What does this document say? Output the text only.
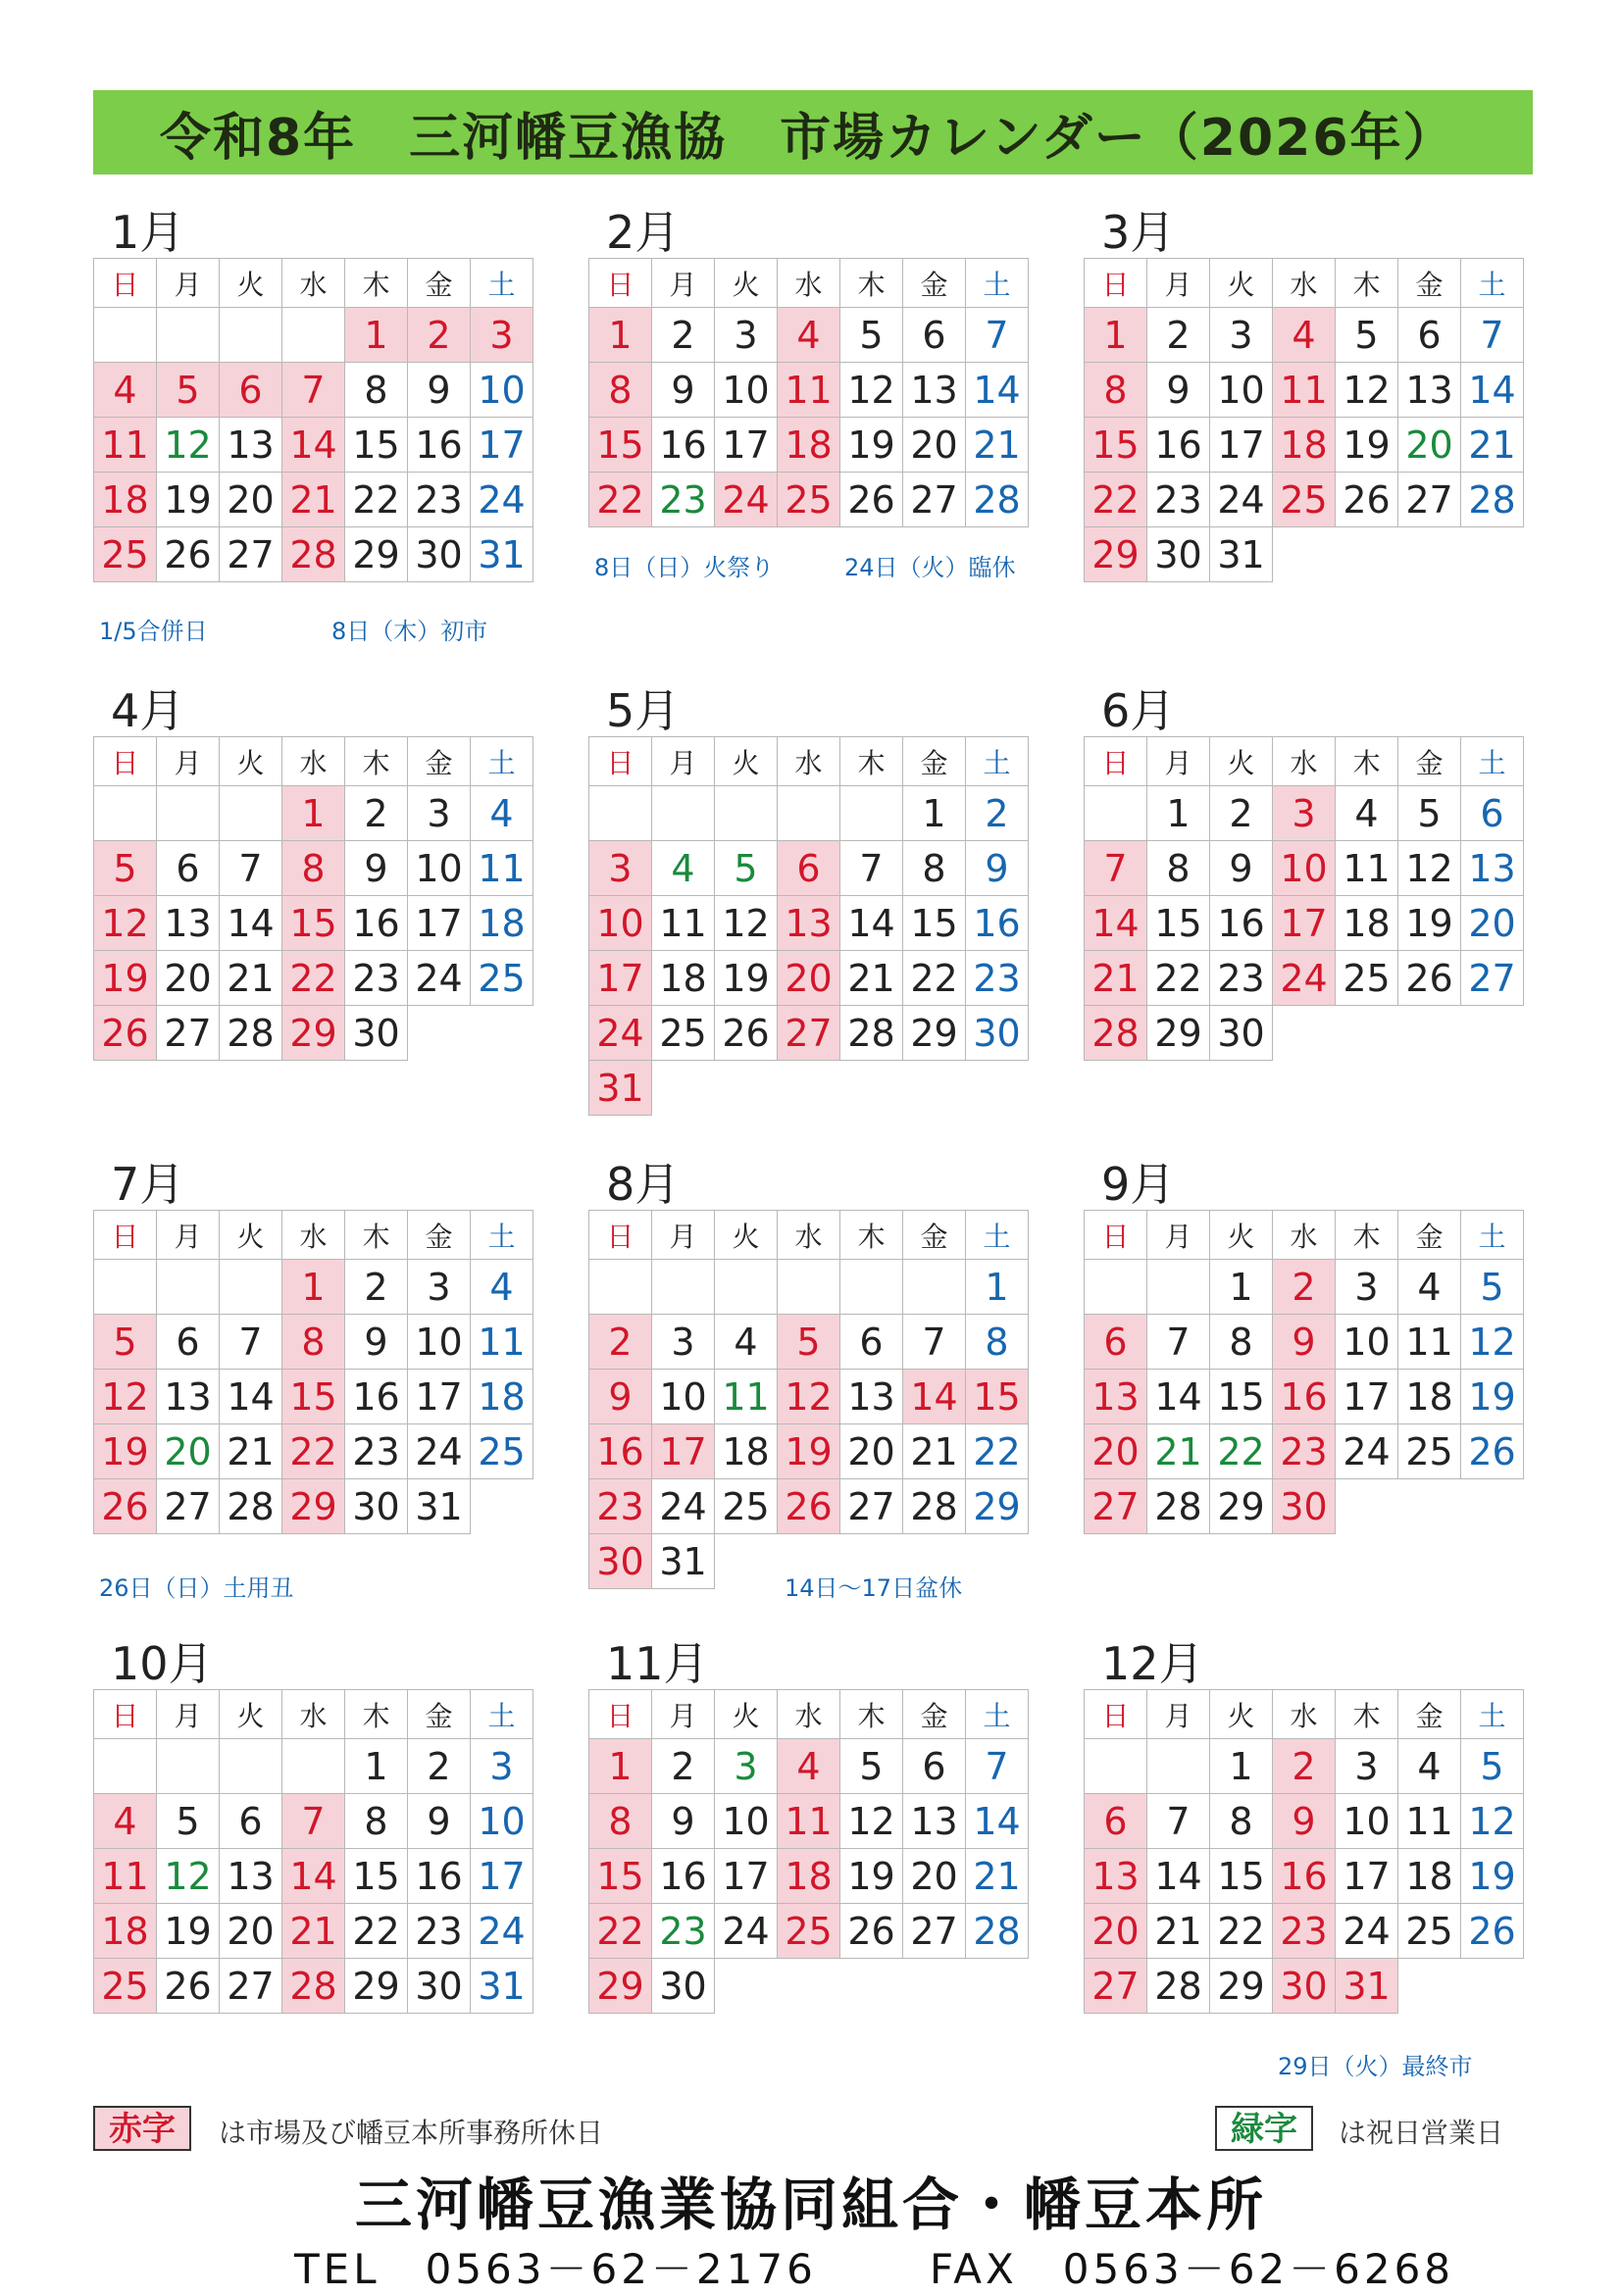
令和8年　三河幡豆漁協　市場カレンダー（2026年）
1月
日	月	火	水	木	金	土
				1	2	3
4	5	6	7	8	9	10
11	12	13	14	15	16	17
18	19	20	21	22	23	24
25	26	27	28	29	30	31
2月
日	月	火	水	木	金	土
1	2	3	4	5	6	7
8	9	10	11	12	13	14
15	16	17	18	19	20	21
22	23	24	25	26	27	28
3月
日	月	火	水	木	金	土
1	2	3	4	5	6	7
8	9	10	11	12	13	14
15	16	17	18	19	20	21
22	23	24	25	26	27	28
29	30	31				
4月
日	月	火	水	木	金	土
			1	2	3	4
5	6	7	8	9	10	11
12	13	14	15	16	17	18
19	20	21	22	23	24	25
26	27	28	29	30		
5月
日	月	火	水	木	金	土
					1	2
3	4	5	6	7	8	9
10	11	12	13	14	15	16
17	18	19	20	21	22	23
24	25	26	27	28	29	30
31						
6月
日	月	火	水	木	金	土
	1	2	3	4	5	6
7	8	9	10	11	12	13
14	15	16	17	18	19	20
21	22	23	24	25	26	27
28	29	30				
7月
日	月	火	水	木	金	土
			1	2	3	4
5	6	7	8	9	10	11
12	13	14	15	16	17	18
19	20	21	22	23	24	25
26	27	28	29	30	31	
8月
日	月	火	水	木	金	土
						1
2	3	4	5	6	7	8
9	10	11	12	13	14	15
16	17	18	19	20	21	22
23	24	25	26	27	28	29
30	31					
9月
日	月	火	水	木	金	土
		1	2	3	4	5
6	7	8	9	10	11	12
13	14	15	16	17	18	19
20	21	22	23	24	25	26
27	28	29	30			
10月
日	月	火	水	木	金	土
				1	2	3
4	5	6	7	8	9	10
11	12	13	14	15	16	17
18	19	20	21	22	23	24
25	26	27	28	29	30	31
11月
日	月	火	水	木	金	土
1	2	3	4	5	6	7
8	9	10	11	12	13	14
15	16	17	18	19	20	21
22	23	24	25	26	27	28
29	30					
12月
日	月	火	水	木	金	土
		1	2	3	4	5
6	7	8	9	10	11	12
13	14	15	16	17	18	19
20	21	22	23	24	25	26
27	28	29	30	31		
赤字	は市場及び幡豆本所事務所休日	緑字	は祝日営業日
三河幡豆漁業協同組合・幡豆本所
TEL　0563－62－2176	FAX　0563－62－6268
1/5合併日	8日（木）初市
8日（日）火祭り	24日（火）臨休
26日（日）土用丑	14日～17日盆休
29日（火）最終市
